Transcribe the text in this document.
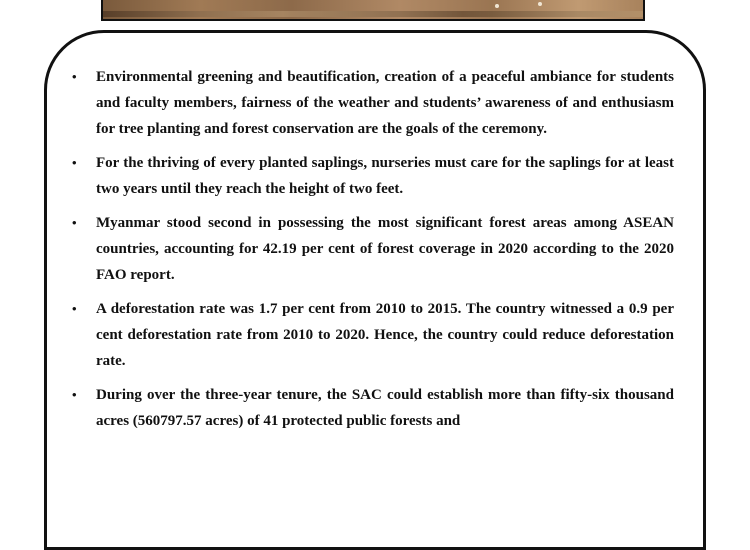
• Environmental greening and beautification, creation of a peaceful ambiance for students and faculty members, fairness of the weather and students’ awareness of and enthusiasm for tree planting and forest conservation are the goals of the ceremony.
• For the thriving of every planted saplings, nurseries must care for the saplings for at least two years until they reach the height of two feet.
• Myanmar stood second in possessing the most significant forest areas among ASEAN countries, accounting for 42.19 per cent of forest coverage in 2020 according to the 2020 FAO report.
• A deforestation rate was 1.7 per cent from 2010 to 2015. The country witnessed a 0.9 per cent deforestation rate from 2010 to 2020. Hence, the country could reduce deforestation rate.
• During over the three-year tenure, the SAC could establish more than fifty-six thousand acres (560797.57 acres) of 41 protected public forests and
